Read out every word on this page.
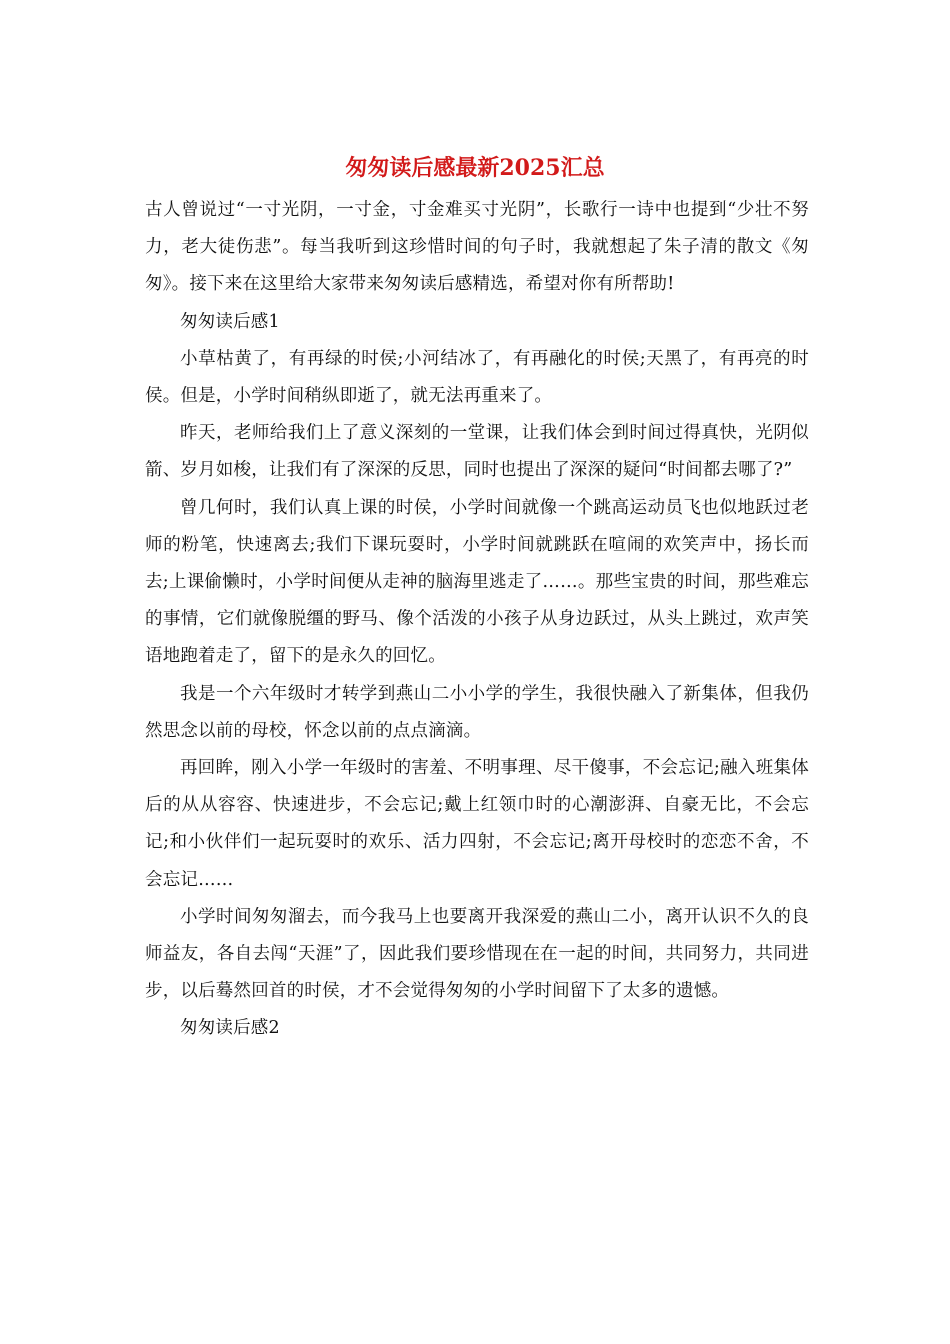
匆匆读后感最新2025汇总

古人曾说过“一寸光阴，一寸金，寸金难买寸光阴”，长歌行一诗中也提到“少壮不努力，老大徒伤悲”。每当我听到这珍惜时间的句子时，我就想起了朱子清的散文《匆匆》。接下来在这里给大家带来匆匆读后感精选，希望对你有所帮助!

匆匆读后感1

小草枯黄了，有再绿的时侯;小河结冰了，有再融化的时侯;天黑了，有再亮的时侯。但是，小学时间稍纵即逝了，就无法再重来了。

昨天，老师给我们上了意义深刻的一堂课，让我们体会到时间过得真快，光阴似箭、岁月如梭，让我们有了深深的反思，同时也提出了深深的疑问“时间都去哪了?”

曾几何时，我们认真上课的时侯，小学时间就像一个跳高运动员飞也似地跃过老师的粉笔，快速离去;我们下课玩耍时，小学时间就跳跃在喧闹的欢笑声中，扬长而去;上课偷懒时，小学时间便从走神的脑海里逃走了……。那些宝贵的时间，那些难忘的事情，它们就像脱缰的野马、像个活泼的小孩子从身边跃过，从头上跳过，欢声笑语地跑着走了，留下的是永久的回忆。

我是一个六年级时才转学到燕山二小小学的学生，我很快融入了新集体，但我仍然思念以前的母校，怀念以前的点点滴滴。

再回眸，刚入小学一年级时的害羞、不明事理、尽干傻事，不会忘记;融入班集体后的从从容容、快速进步，不会忘记;戴上红领巾时的心潮澎湃、自豪无比，不会忘记;和小伙伴们一起玩耍时的欢乐、活力四射，不会忘记;离开母校时的恋恋不舍，不会忘记……

小学时间匆匆溜去，而今我马上也要离开我深爱的燕山二小，离开认识不久的良师益友，各自去闯“天涯”了，因此我们要珍惜现在在一起的时间，共同努力，共同进步，以后蓦然回首的时侯，才不会觉得匆匆的小学时间留下了太多的遗憾。

匆匆读后感2
